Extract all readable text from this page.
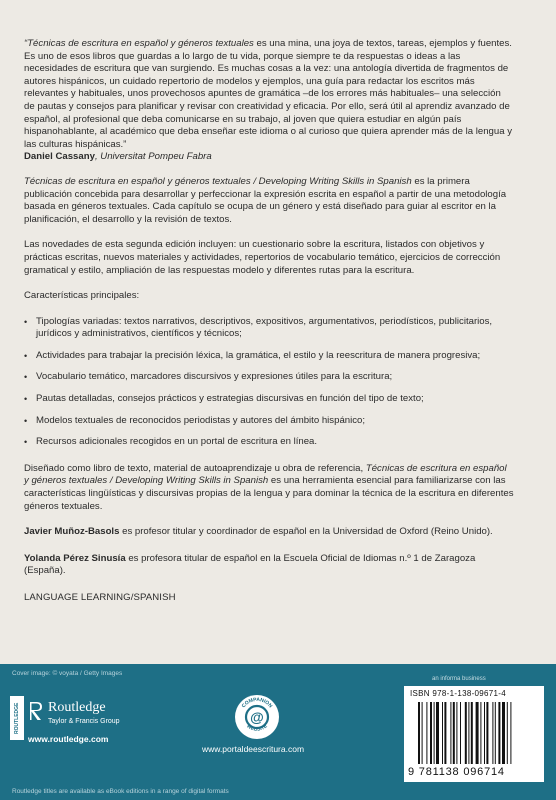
“Técnicas de escritura en español y géneros textuales es una mina, una joya de textos, tareas, ejemplos y fuentes. Es uno de esos libros que guardas a lo largo de tu vida, porque siempre te da respuestas o ideas a las necesidades de escritura que van surgiendo. Es muchas cosas a la vez: una antología divertida de fragmentos de autores hispánicos, un cuidado repertorio de modelos y ejemplos, una guía para redactar los escritos más relevantes y habituales, unos provechosos apuntes de gramática –de los errores más habituales– una selección de pautas y consejos para planificar y revisar con creatividad y eficacia. Por ello, será útil al aprendiz avanzado de español, al profesional que deba comunicarse en su trabajo, al joven que quiera estudiar en algún país hispanohablante, al académico que deba enseñar este idioma o al curioso que quiera aprender más de la lengua y las culturas hispánicas.”
Daniel Cassany, Universitat Pompeu Fabra

Técnicas de escritura en español y géneros textuales / Developing Writing Skills in Spanish es la primera publicación concebida para desarrollar y perfeccionar la expresión escrita en español a partir de una metodología basada en géneros textuales. Cada capítulo se ocupa de un género y está diseñado para guiar al escritor en la planificación, el desarrollo y la revisión de textos.

Las novedades de esta segunda edición incluyen: un cuestionario sobre la escritura, listados con objetivos y prácticas escritas, nuevos materiales y actividades, repertorios de vocabulario temático, ejercicios de corrección gramatical y estilo, ampliación de las respuestas modelo y diferentes rutas para la escritura.

Características principales:

• Tipologías variadas: textos narrativos, descriptivos, expositivos, argumentativos, periodísticos, publicitarios, jurídicos y administrativos, científicos y técnicos;
• Actividades para trabajar la precisión léxica, la gramática, el estilo y la reescritura de manera progresiva;
• Vocabulario temático, marcadores discursivos y expresiones útiles para la escritura;
• Pautas detalladas, consejos prácticos y estrategias discursivas en función del tipo de texto;
• Modelos textuales de reconocidos periodistas y autores del ámbito hispánico;
• Recursos adicionales recogidos en un portal de escritura en línea.

Diseñado como libro de texto, material de autoaprendizaje u obra de referencia, Técnicas de escritura en español y géneros textuales / Developing Writing Skills in Spanish es una herramienta esencial para familiarizarse con las características lingüísticas y discursivas propias de la lengua y para dominar la técnica de la escritura en diferentes géneros textuales.

Javier Muñoz-Basols es profesor titular y coordinador de español en la Universidad de Oxford (Reino Unido).

Yolanda Pérez Sinusía es profesora titular de español en la Escuela Oficial de Idiomas n.º 1 de Zaragoza (España).

LANGUAGE LEARNING/SPANISH

Cover image: © voyata / Getty Images
ROUTLEDGE Routledge
Taylor & Francis Group
www.routledge.com
@
COMPANION
WEBSITE
www.portaldeescritura.com
an informa business
ISBN 978-1-138-09671-4
9 781138 096714
Routledge titles are available as eBook editions in a range of digital formats
